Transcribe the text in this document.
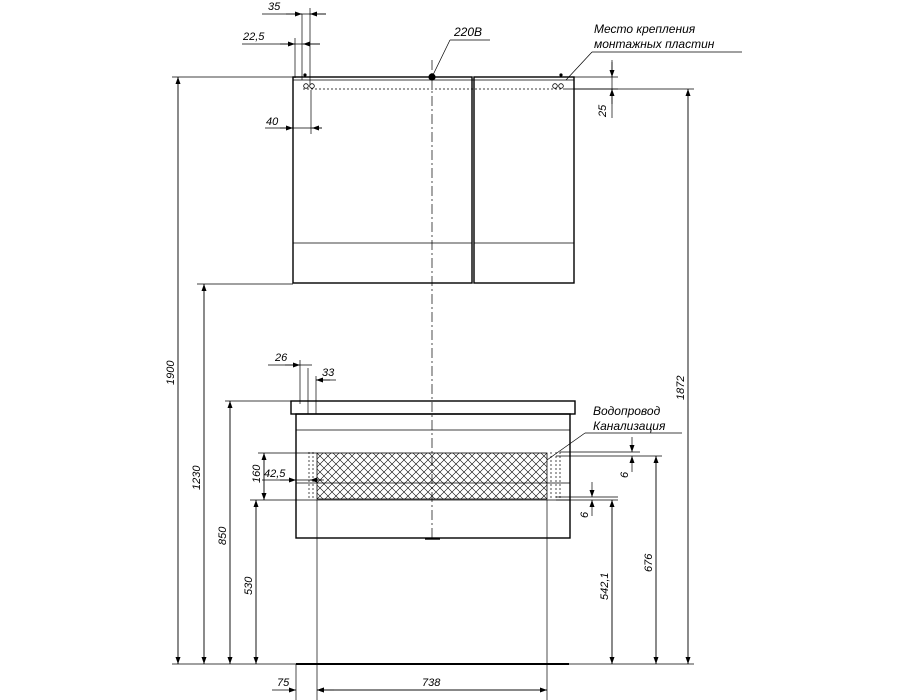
35
22,5
40
220В	Место крепления
монтажных пластин
25
1900
1230
850
530
160 42,5
26
33
Водопровод
Канализация
1872
676
6
542,1
6
75	738
